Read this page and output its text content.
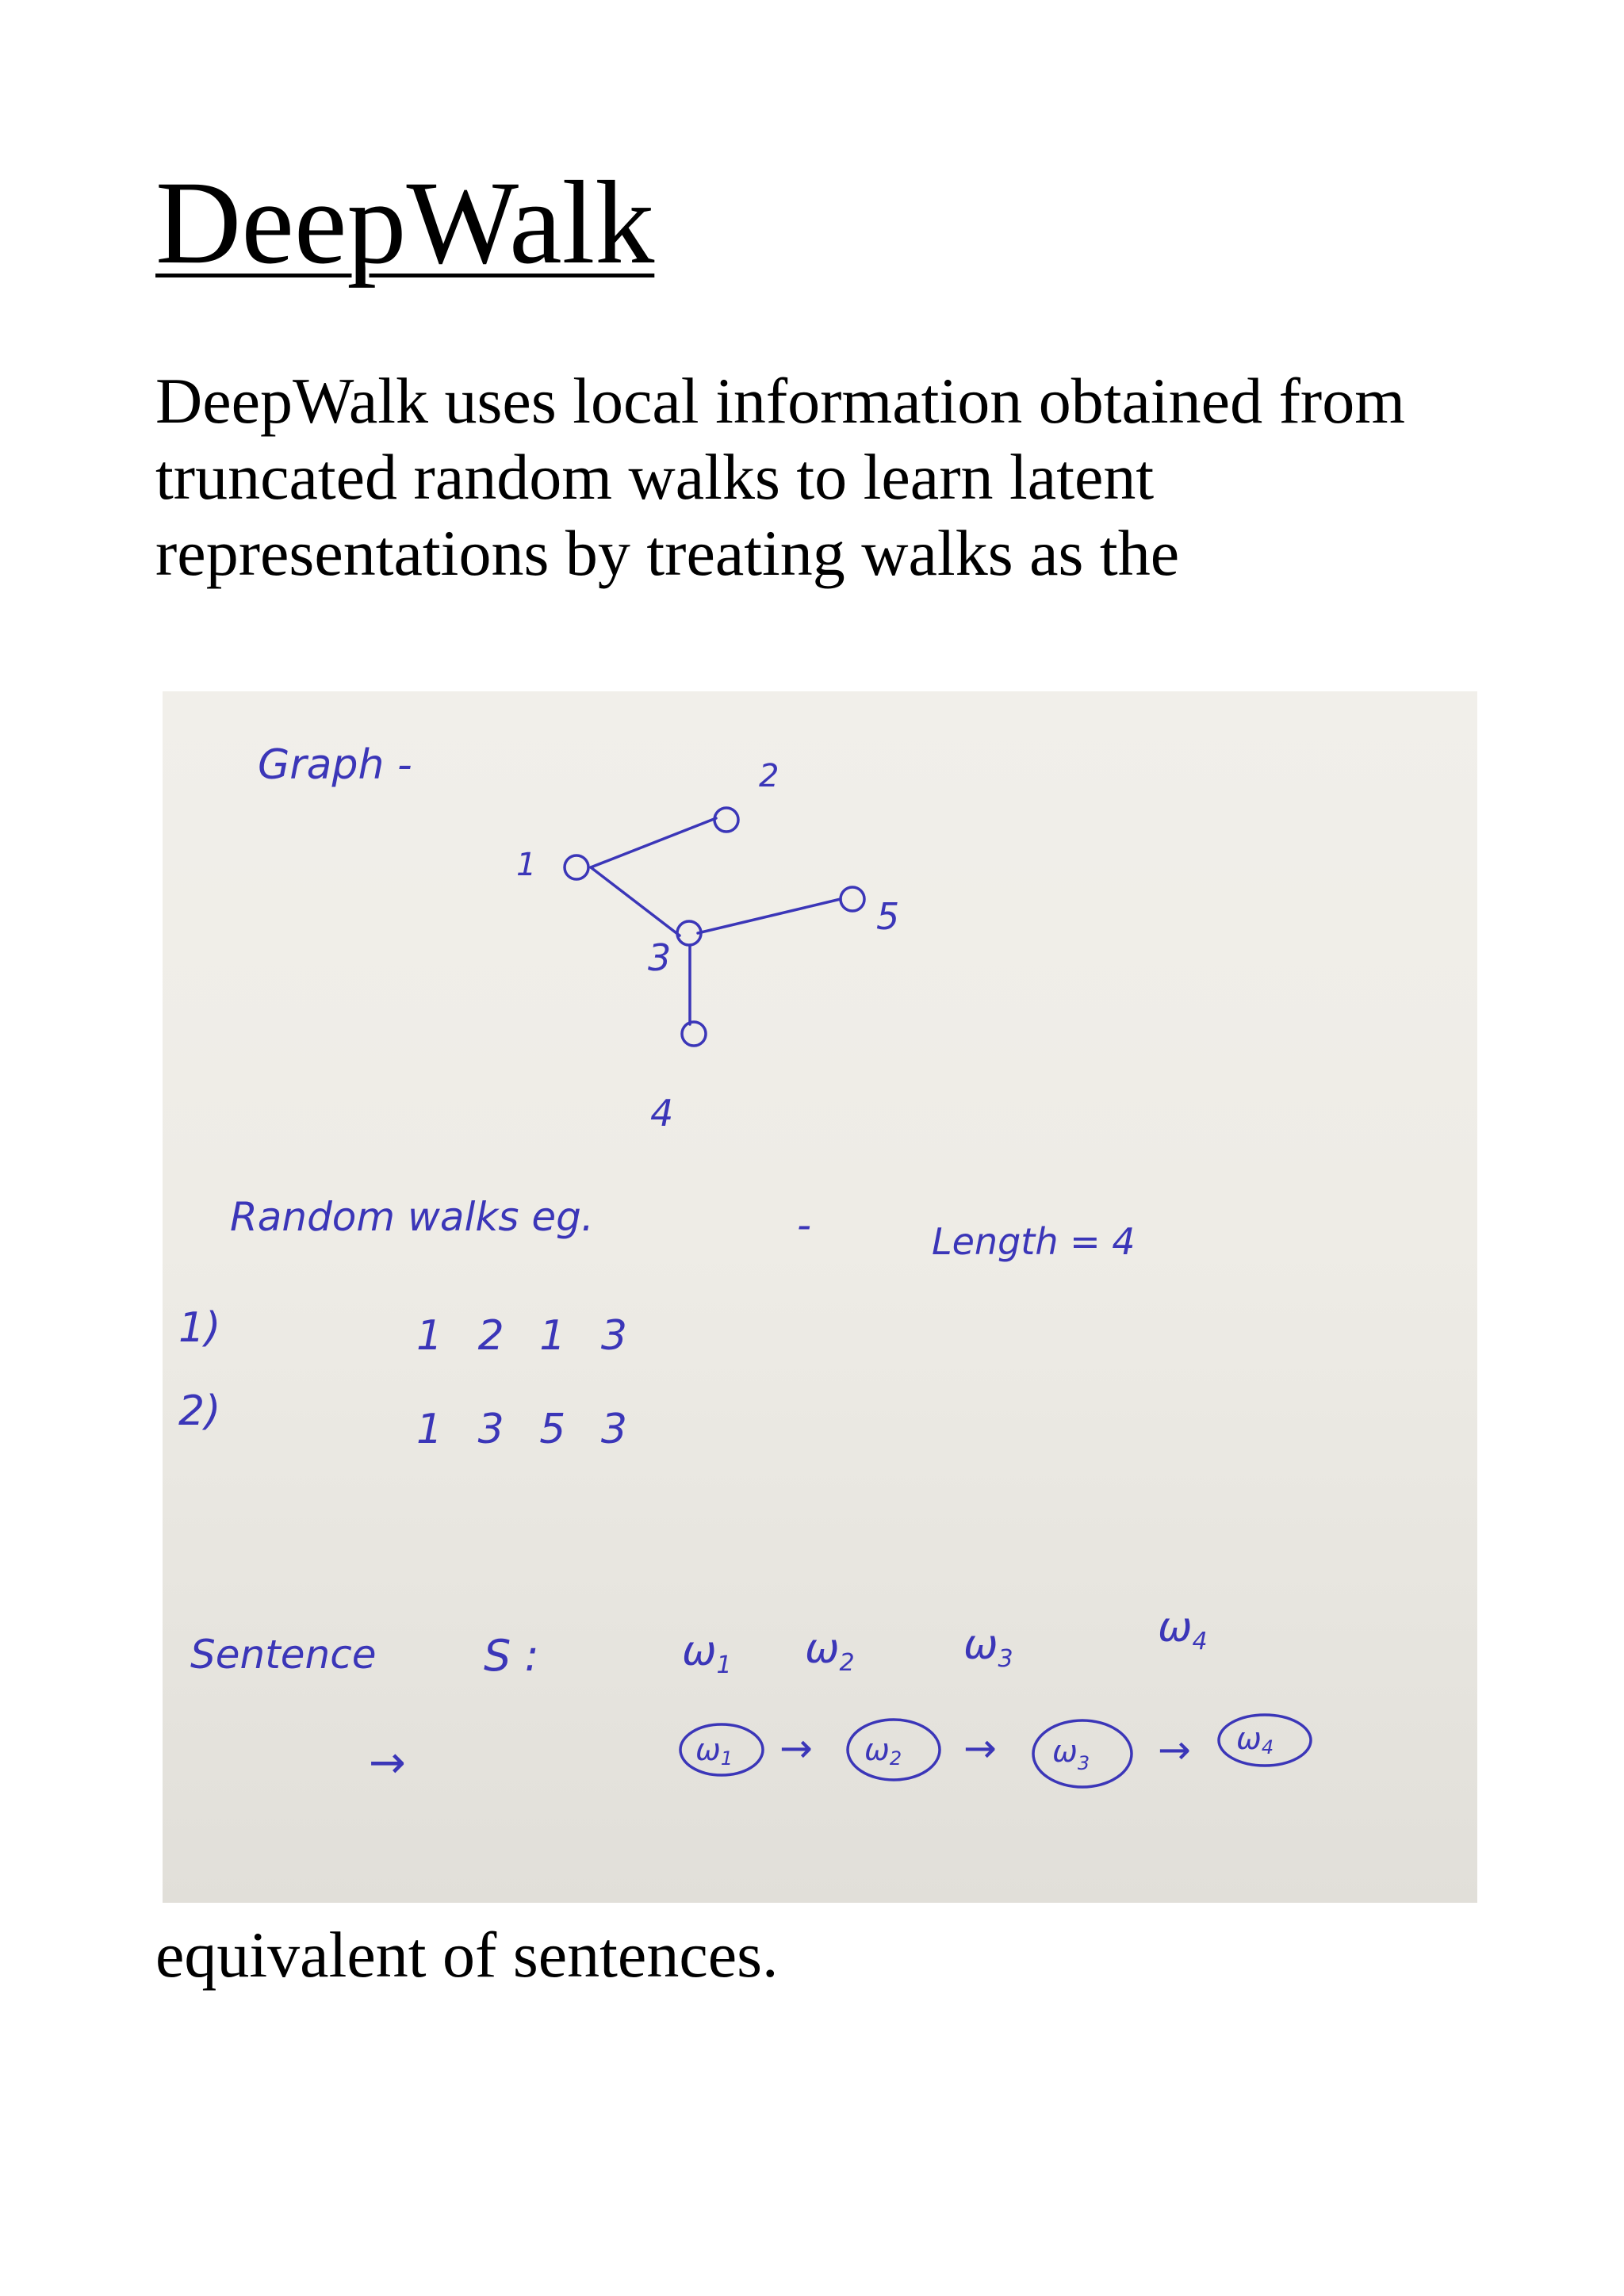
DeepWalk

DeepWalk uses local information obtained from
truncated random walks to learn latent
representations by treating walks as the

Graph -
1
2
3
4
5
Random walks eg.	-	Length = 4
1)	1 2 1 3
2)	1 3 5 3
Sentence	S :	ω1 ω2	ω3
ω4
→	$\omega 1 \to \omega 2 \to \omega_3 \to \omega 4$

equivalent of sentences.
